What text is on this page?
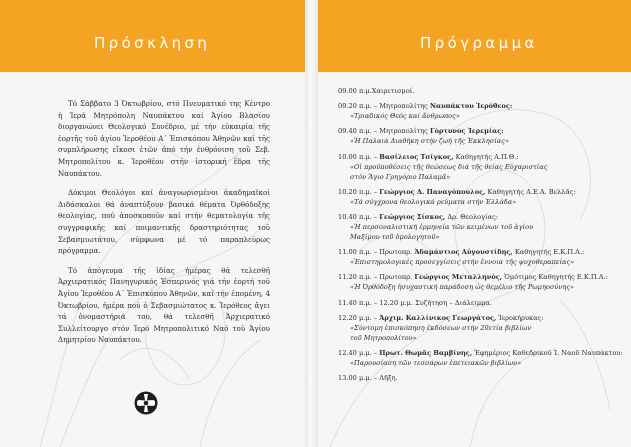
Πρόσκληση	Πρόγραμμα

Τό Σάββατο 3 Ὀκτωβρίου, στό Πνευματικό της Κέντρο ἡ Ἱερά Μητρόπολη Ναυπάκτου καί Ἁγίου Βλασίου διοργανώνει Θεολογικό Συνέδριο, μέ τήν εὐκαιρία τῆς ἑορτῆς τοῦ ἁγίου Ἱεροθέου Α΄ Ἐπισκόπου Ἀθηνῶν καί τῆς συμπλήρωσης εἴκοσι ἐτῶν ἀπό τήν ἐνθρόνιση τοῦ Σεβ. Μητροπολίτου κ. Ἱεροθέου στήν ἱστορική ἕδρα τῆς Ναυπάκτου.

Δόκιμοι Θεολόγοι καί ἀναγνωρισμένοι ἀκαδημαϊκοί Διδάσκαλοι θά ἀναπτύξουν βασικά θέματα Ὀρθόδοξης θεολογίας, πού ἀποσκοποῦν καί στήν θεματολογία τῆς συγγραφικῆς καί ποιμαντικῆς δραστηριότητας τοῦ Σεβασμιωτάτου, σύμφωνα μέ τό παραπλεύρως πρόγραμμα.

Τό ἀπόγευμα τῆς ἰδίας ἡμέρας θά τελεσθῆ Ἀρχιερατικός Πανηγυρικός Ἑσπερινός γιά τήν ἑορτή τοῦ Ἁγίου Ἱεροθέου Α΄ Ἐπισκόπου Ἀθηνῶν, καί τήν ἑπομένη, 4 Ὀκτωβρίου, ἡμέρα πού ὁ Σεβασμιώτατος κ. Ἱερόθεος ἄγει τά ὀνομαστήριά του, θά τελεσθῆ Ἀρχιερατικό Συλλείτουργο στόν Ἱερό Μητροπολιτικό Ναό τοῦ Ἁγίου Δημητρίου Ναυπάκτου.

09.00 π.μ.Χαιρετισμοί.
09.20 π.μ. – Μητροπολίτης Ναυπάκτου Ἱερόθεος:
«Τριαδικός Θεός καί ἄνθρωπος»
09.40 π.μ. – Μητροπολίτης Γόρτυνος Ἱερεμίας:
«Ἡ Παλαιά Διαθήκη στήν ζωή τῆς Ἐκκλησίας»
10.00 π.μ. – Βασίλειος Τσίγκος, Καθηγητής Α.Π.Θ.:
«Οἱ προϋποθέσεις τῆς θεώσεως διά τῆς θείας Εὐχαριστίας
στόν Ἅγιο Γρηγόριο Παλαμᾶ»
10.20 π.μ. – Γεώργιος Δ. Παναγόπουλος, Καθηγητής Α.Ε.Α. Βελλᾶς:
«Τά σύγχρονα θεολογικά ρεύματα στήν Ἑλλάδα»
10.40 π.μ. – Γεώργιος Σίσκος, Δρ. Θεολογίας:
«Ἡ περσοναλιστική ἑρμηνεία τῶν κειμένων τοῦ ἁγίου
Μαξίμου τοῦ ὁμολογητοῦ»
11.00 π.μ. – Πρωτοπρ. Ἀδαμάντιος Αὐγουστίδης, Καθηγητής Ε.Κ.Π.Α.:
«Ἐπιστημολογικές προσεγγίσεις στήν ἔννοια τῆς ψυχοθεραπείας»
11.20 π.μ. – Πρωτοπρ. Γεώργιος Μεταλληνός, Ὁμότιμος Καθηγητής Ε.Κ.Π.Α.:
«Ἡ Ὀρθόδοξη ἡσυχαστική παράδοση ὡς θεμέλιο τῆς Ρωμηοσύνης»
11.40 π.μ. – 12.20 μ.μ. Συζήτηση – Διάλειμμα.
12.20 μ.μ. – Ἀρχιμ. Καλλίνικος Γεωργάτος, Ἱεροκήρυκας:
«Σύντομη ἐπισκόπηση ἐκδόσεων στήν 20ετία βιβλίων
τοῦ Μητροπολίτου»
12.40 μ.μ. – Πρωτ. Θωμᾶς Βαμβίνης, Ἐφημέριος Καθεδρικοῦ Ἱ. Ναοῦ Ναυπάκτου:
«Παρουσίαση τῶν τεσσάρων ἐπετειακῶν βιβλίων»
13.00 μ.μ. – Λῆξη.
